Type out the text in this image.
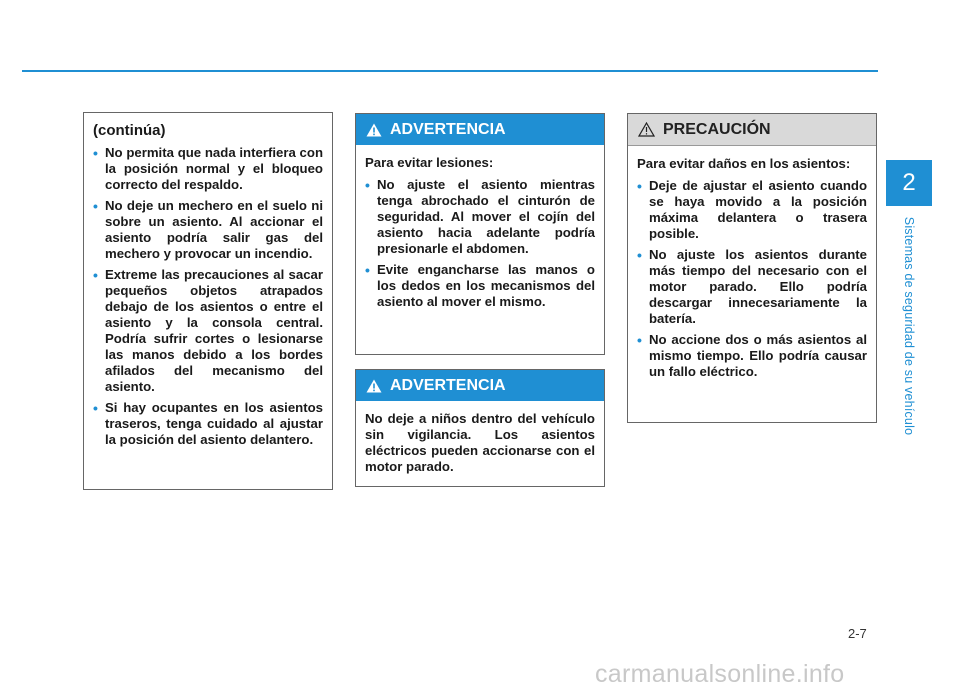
2
Sistemas de seguridad de su vehículo
(continúa)
• No permita que nada interfiera con la posición normal y el bloqueo correcto del respaldo.
• No deje un mechero en el suelo ni sobre un asiento. Al accionar el asiento podría salir gas del mechero y provocar un incendio.
• Extreme las precauciones al sacar pequeños objetos atrapados debajo de los asientos o entre el asiento y la consola central. Podría sufrir cortes o lesionarse las manos debido a los bordes afilados del mecanismo del asiento.
• Si hay ocupantes en los asientos traseros, tenga cuidado al ajustar la posición del asiento delantero.
ADVERTENCIA
Para evitar lesiones:
• No ajuste el asiento mientras tenga abrochado el cinturón de seguridad. Al mover el cojín del asiento hacia adelante podría presionarle el abdomen.
• Evite engancharse las manos o los dedos en los mecanismos del asiento al mover el mismo.
ADVERTENCIA
No deje a niños dentro del vehículo sin vigilancia. Los asientos eléctricos pueden accionarse con el motor parado.
PRECAUCIÓN
Para evitar daños en los asientos:
• Deje de ajustar el asiento cuando se haya movido a la posición máxima delantera o trasera posible.
• No ajuste los asientos durante más tiempo del necesario con el motor parado. Ello podría descargar innecesariamente la batería.
• No accione dos o más asientos al mismo tiempo. Ello podría causar un fallo eléctrico.
2-7
carmanualsonline.info
